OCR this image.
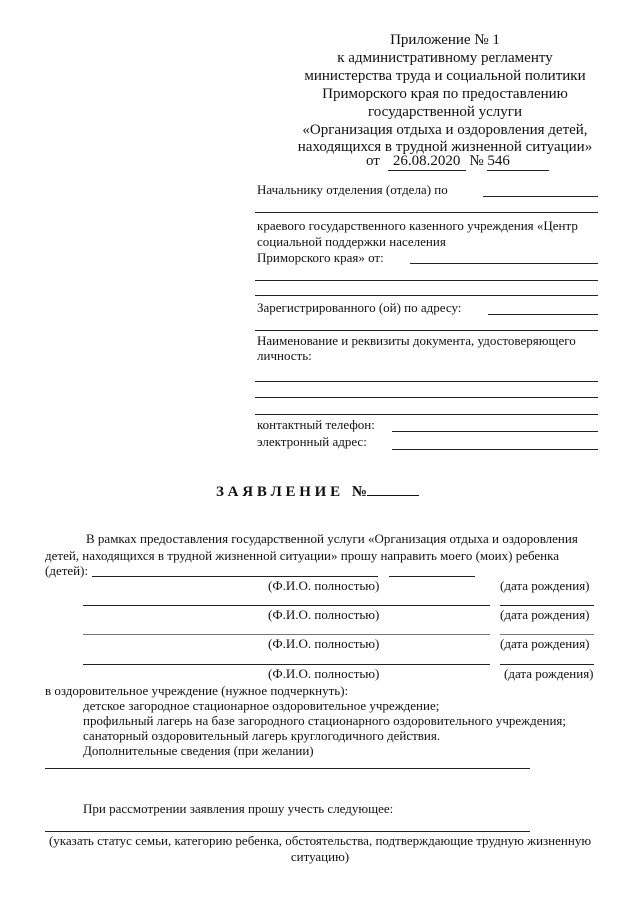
Приложение № 1
к административному регламенту
министерства труда и социальной политики
Приморского края по предоставлению
государственной услуги
«Организация отдыха и оздоровления детей,
находящихся в трудной жизненной ситуации»
от 26.08.2020 № 546
Начальнику отделения (отдела) по
краевого государственного казенного учреждения «Центр
социальной поддержки населения
Приморского края» от:
Зарегистрированного (ой) по адресу:
Наименование и реквизиты документа, удостоверяющего
личность:
контактный телефон:
электронный адрес:
З А Я В Л Е Н И Е №
В рамках предоставления государственной услуги «Организация отдыха и оздоровления
детей, находящихся в трудной жизненной ситуации» прошу направить моего (моих) ребенка
(детей):
(Ф.И.О. полностью)	(дата рождения)
(Ф.И.О. полностью)	(дата рождения)
(Ф.И.О. полностью)	(дата рождения)
(Ф.И.О. полностью)	(дата рождения)
в оздоровительное учреждение (нужное подчеркнуть):
детское загородное стационарное оздоровительное учреждение;
профильный лагерь на базе загородного стационарного оздоровительного учреждения;
санаторный оздоровительный лагерь круглогодичного действия.
Дополнительные сведения (при желании)
При рассмотрении заявления прошу учесть следующее:
(указать статус семьи, категорию ребенка, обстоятельства, подтверждающие трудную жизненную
ситуацию)
